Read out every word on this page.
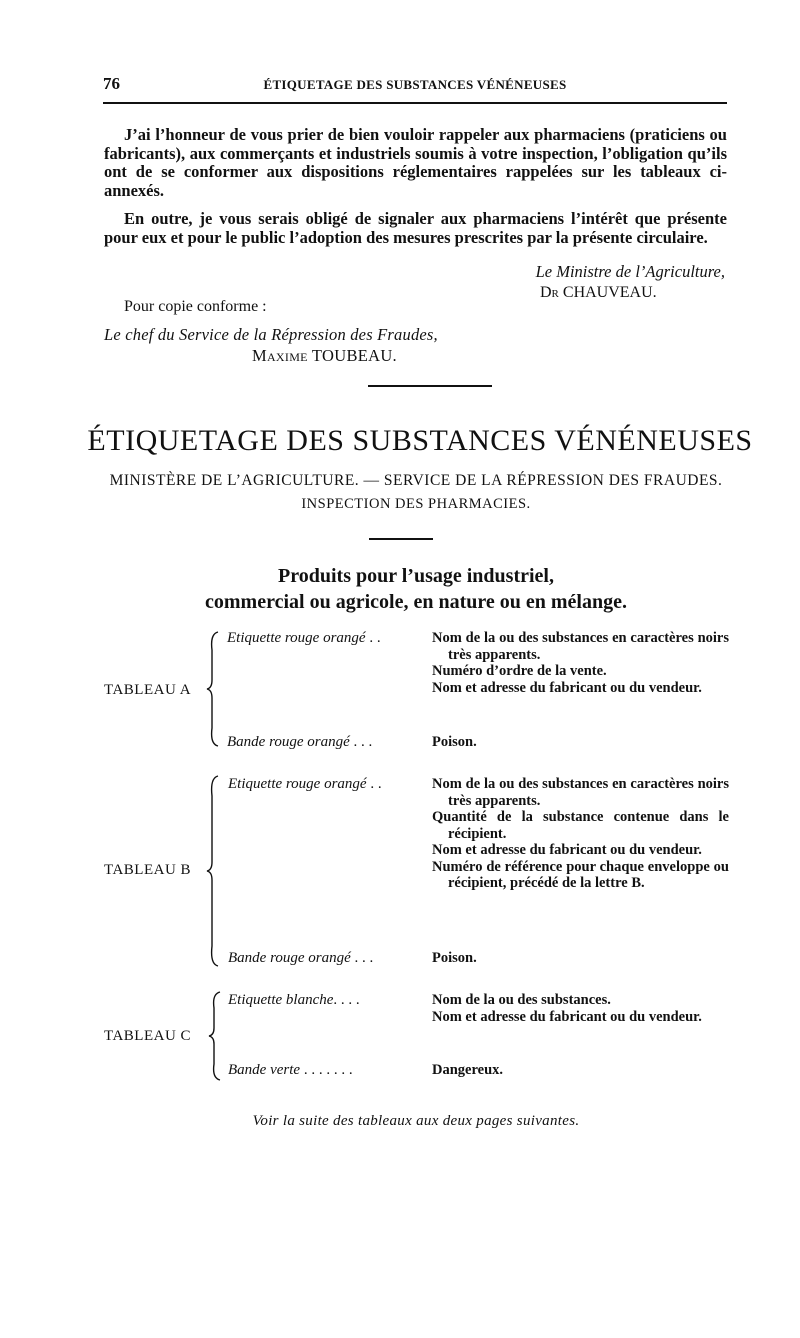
76	ÉTIQUETAGE DES SUBSTANCES VÉNÉNEUSES
J’ai l’honneur de vous prier de bien vouloir rappeler aux pharmaciens (praticiens ou fabricants), aux commerçants et industriels soumis à votre inspection, l’obligation qu’ils ont de se conformer aux dispositions réglementaires rappelées sur les tableaux ci-annexés.
En outre, je vous serais obligé de signaler aux pharmaciens l’intérêt que présente pour eux et pour le public l’adoption des mesures prescrites par la présente circulaire.
Le Ministre de l’Agriculture,
Dr CHAUVEAU.
Pour copie conforme :
Le chef du Service de la Répression des Fraudes,
Maxime TOUBEAU.
ÉTIQUETAGE DES SUBSTANCES VÉNÉNEUSES
MINISTÈRE DE L’AGRICULTURE. — SERVICE DE LA RÉPRESSION DES FRAUDES.
INSPECTION DES PHARMACIES.
Produits pour l’usage industriel,
commercial ou agricole, en nature ou en mélange.
TABLEAU A
Etiquette rouge orangé . .	Nom de la ou des substances en caractères noirs très apparents.
Numéro d’ordre de la vente.
Nom et adresse du fabricant ou du vendeur.
Bande rouge orangé . . .	Poison.
TABLEAU B
Etiquette rouge orangé . .	Nom de la ou des substances en caractères noirs très apparents.
Quantité de la substance contenue dans le récipient.
Nom et adresse du fabricant ou du vendeur.
Numéro de référence pour chaque enveloppe ou récipient, précédé de la lettre B.
Bande rouge orangé . . .	Poison.
TABLEAU C
Etiquette blanche. . . .	Nom de la ou des substances.
Nom et adresse du fabricant ou du vendeur.
Bande verte . . . . . . .	Dangereux.
Voir la suite des tableaux aux deux pages suivantes.
